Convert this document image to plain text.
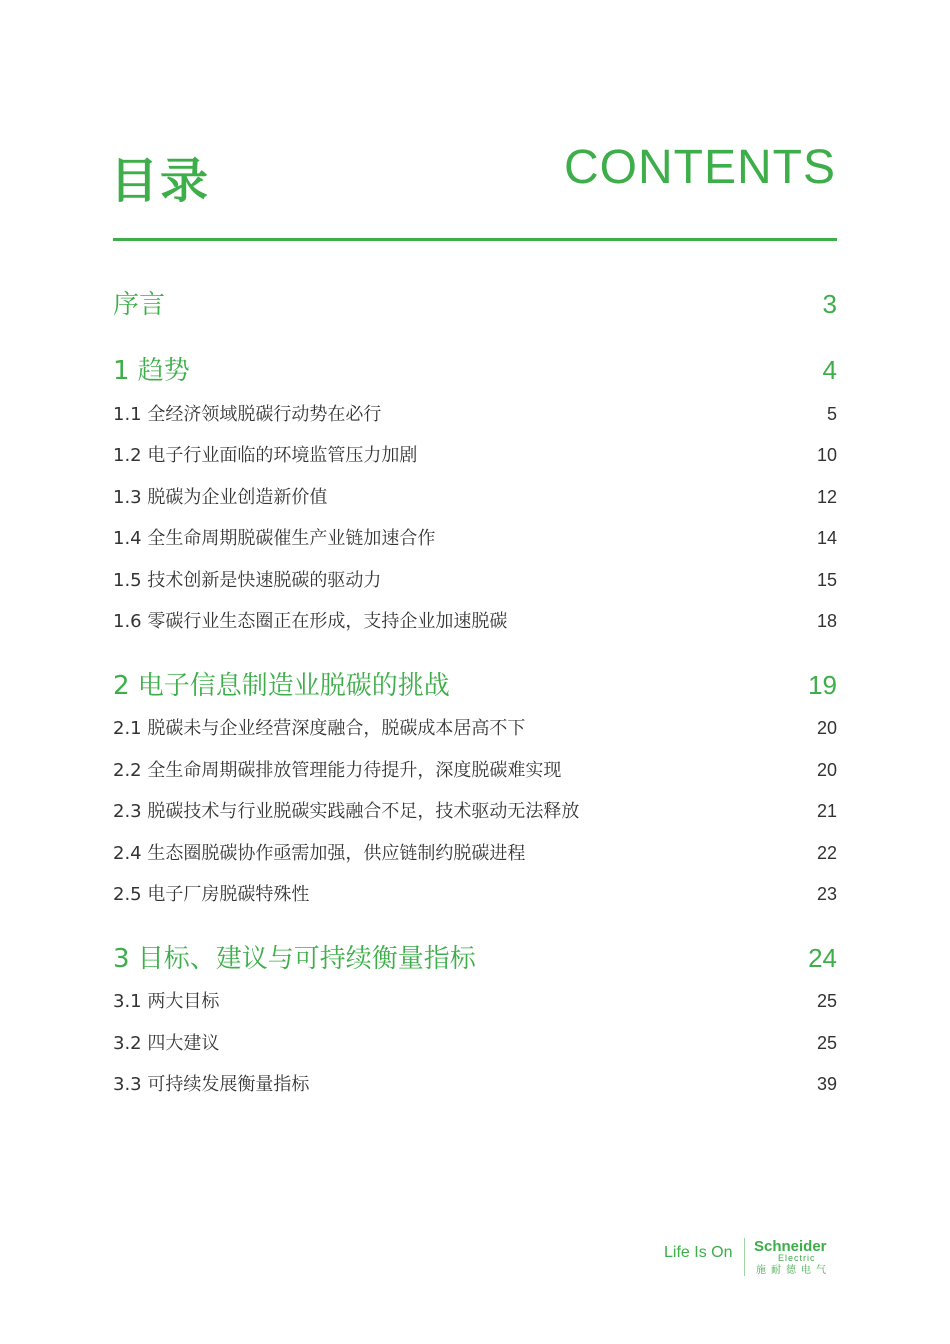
目录	CONTENTS
序言	3
1 趋势	4
1.1 全经济领域脱碳行动势在必行	5
1.2 电子行业面临的环境监管压力加剧	10
1.3 脱碳为企业创造新价值	12
1.4 全生命周期脱碳催生产业链加速合作	14
1.5 技术创新是快速脱碳的驱动力	15
1.6 零碳行业生态圈正在形成，支持企业加速脱碳	18
2 电子信息制造业脱碳的挑战	19
2.1 脱碳未与企业经营深度融合，脱碳成本居高不下	20
2.2 全生命周期碳排放管理能力待提升，深度脱碳难实现	20
2.3 脱碳技术与行业脱碳实践融合不足，技术驱动无法释放	21
2.4 生态圈脱碳协作亟需加强，供应链制约脱碳进程	22
2.5 电子厂房脱碳特殊性	23
3 目标、建议与可持续衡量指标	24
3.1 两大目标	25
3.2 四大建议	25
3.3 可持续发展衡量指标	39
Life Is On Schneider
Electric
施耐德电气
